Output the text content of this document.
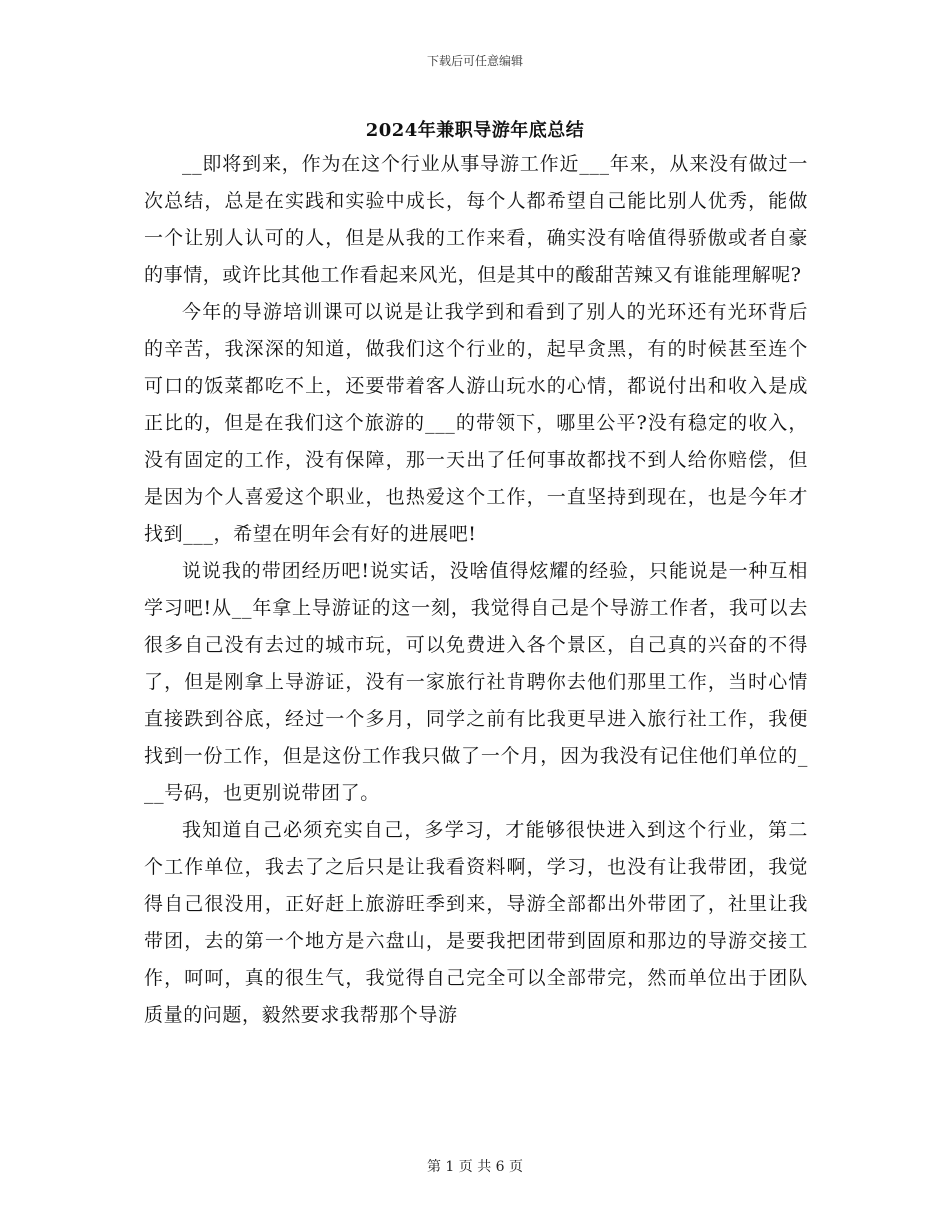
下载后可任意编辑
2024年兼职导游年底总结

__即将到来，作为在这个行业从事导游工作近___年来，从来没有做过一次总结，总是在实践和实验中成长，每个人都希望自己能比别人优秀，能做一个让别人认可的人，但是从我的工作来看，确实没有啥值得骄傲或者自豪的事情，或许比其他工作看起来风光，但是其中的酸甜苦辣又有谁能理解呢?

今年的导游培训课可以说是让我学到和看到了别人的光环还有光环背后的辛苦，我深深的知道，做我们这个行业的，起早贪黑，有的时候甚至连个可口的饭菜都吃不上，还要带着客人游山玩水的心情，都说付出和收入是成正比的，但是在我们这个旅游的___的带领下，哪里公平?没有稳定的收入，没有固定的工作，没有保障，那一天出了任何事故都找不到人给你赔偿，但是因为个人喜爱这个职业，也热爱这个工作，一直坚持到现在，也是今年才找到___，希望在明年会有好的进展吧!

说说我的带团经历吧!说实话，没啥值得炫耀的经验，只能说是一种互相学习吧!从__年拿上导游证的这一刻，我觉得自己是个导游工作者，我可以去很多自己没有去过的城市玩，可以免费进入各个景区，自己真的兴奋的不得了，但是刚拿上导游证，没有一家旅行社肯聘你去他们那里工作，当时心情直接跌到谷底，经过一个多月，同学之前有比我更早进入旅行社工作，我便找到一份工作，但是这份工作我只做了一个月，因为我没有记住他们单位的___号码，也更别说带团了。

我知道自己必须充实自己，多学习，才能够很快进入到这个行业，第二个工作单位，我去了之后只是让我看资料啊，学习，也没有让我带团，我觉得自己很没用，正好赶上旅游旺季到来，导游全部都出外带团了，社里让我带团，去的第一个地方是六盘山，是要我把团带到固原和那边的导游交接工作，呵呵，真的很生气，我觉得自己完全可以全部带完，然而单位出于团队质量的问题，毅然要求我帮那个导游

第 1 页 共 6 页
